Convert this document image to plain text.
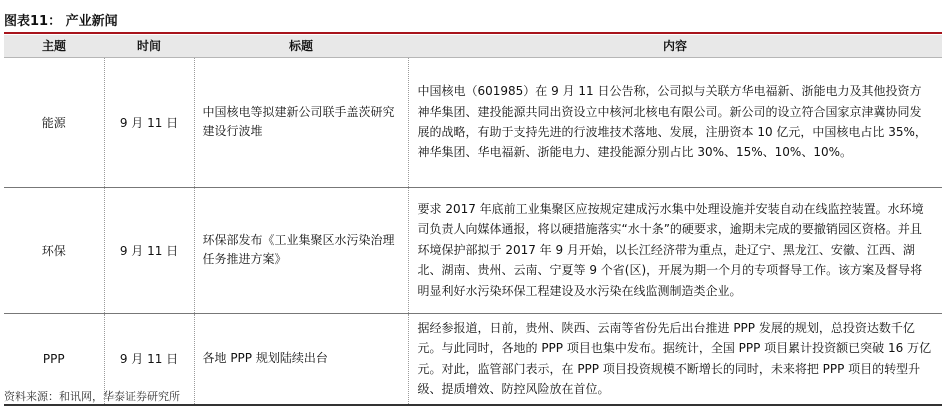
图表11： 产业新闻
主题	时间	标题	内容
能源	9 月 11 日	中国核电等拟建新公司联手盖茨研究建设行波堆	中国核电（601985）在 9 月 11 日公告称，公司拟与关联方华电福新、浙能电力及其他投资方神华集团、建投能源共同出资设立中核河北核电有限公司。新公司的设立符合国家京津冀协同发展的战略，有助于支持先进的行波堆技术落地、发展，注册资本 10 亿元，中国核电占比 35%，神华集团、华电福新、浙能电力、建投能源分别占比 30%、15%、10%、10%。
环保	9 月 11 日	环保部发布《工业集聚区水污染治理任务推进方案》	要求 2017 年底前工业集聚区应按规定建成污水集中处理设施并安装自动在线监控装置。水环境司负责人向媒体通报，将以硬措施落实“水十条”的硬要求，逾期未完成的要撤销园区资格。并且环境保护部拟于 2017 年 9 月开始，以长江经济带为重点，赴辽宁、黑龙江、安徽、江西、湖北、湖南、贵州、云南、宁夏等 9 个省(区)，开展为期一个月的专项督导工作。该方案及督导将明显利好水污染环保工程建设及水污染在线监测制造类企业。
PPP	9 月 11 日	各地 PPP 规划陆续出台	据经参报道，日前，贵州、陕西、云南等省份先后出台推进 PPP 发展的规划，总投资达数千亿元。与此同时，各地的 PPP 项目也集中发布。据统计，全国 PPP 项目累计投资额已突破 16 万亿元。对此，监管部门表示，在 PPP 项目投资规模不断增长的同时，未来将把 PPP 项目的转型升级、提质增效、防控风险放在首位。
资料来源：和讯网，华泰证券研究所
